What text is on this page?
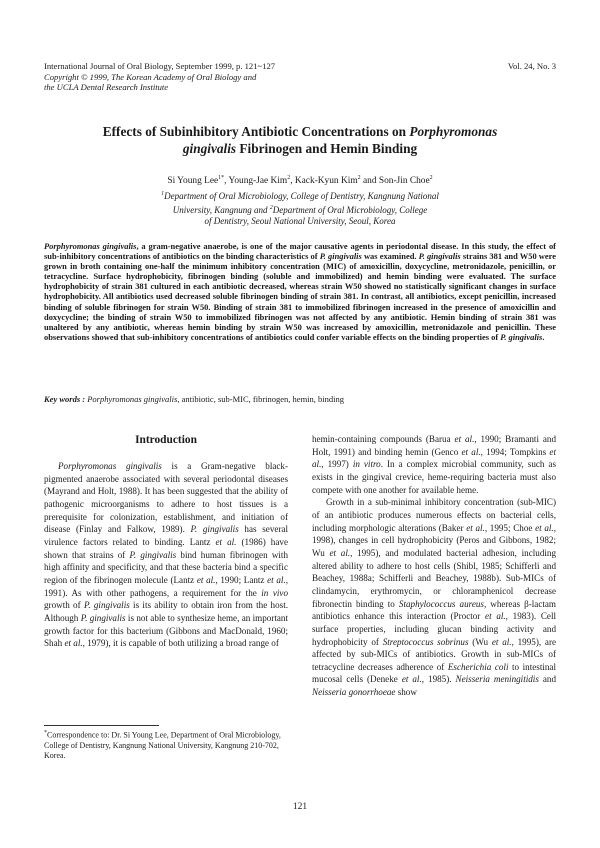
International Journal of Oral Biology, September 1999, p. 121~127
Copyright © 1999, The Korean Academy of Oral Biology and
the UCLA Dental Research Institute
Vol. 24, No. 3
Effects of Subinhibitory Antibiotic Concentrations on Porphyromonas
gingivalis Fibrinogen and Hemin Binding
Si Young Lee$^{1*}$, Young-Jae Kim$^2$, Kack-Kyun Kim$^2$ and Son-Jin Choe$^2$
$^1$Department of Oral Microbiology, College of Dentistry, Kangnung National
University, Kangnung and $^2$Department of Oral Microbiology, College
of Dentistry, Seoul National University, Seoul, Korea
Porphyromonas gingivalis, a gram-negative anaerobe, is one of the major causative agents in periodontal disease. In this study, the effect of sub-inhibitory concentrations of antibiotics on the binding characteristics of P. gingivalis was examined. P. gingivalis strains 381 and W50 were grown in broth containing one-half the minimum inhibitory concentration (MIC) of amoxicillin, doxycycline, metronidazole, penicillin, or tetracycline. Surface hydrophobicity, fibrinogen binding (soluble and immobilized) and hemin binding were evaluated. The surface hydrophobicity of strain 381 cultured in each antibiotic decreased, whereas strain W50 showed no statistically significant changes in surface hydrophobicity. All antibiotics used decreased soluble fibrinogen binding of strain 381. In contrast, all antibiotics, except penicillin, increased binding of soluble fibrinogen for strain W50. Binding of strain 381 to immobilized fibrinogen increased in the presence of amoxicillin and doxycycline; the binding of strain W50 to immobilized fibrinogen was not affected by any antibiotic. Hemin binding of strain 381 was unaltered by any antibiotic, whereas hemin binding by strain W50 was increased by amoxicillin, metronidazole and penicillin. These observations showed that sub-inhibitory concentrations of antibiotics could confer variable effects on the binding properties of P. gingivalis.
Key words : Porphyromonas gingivalis, antibiotic, sub-MIC, fibrinogen, hemin, binding
Introduction

Porphyromonas gingivalis is a Gram-negative black-pigmented anaerobe associated with several periodontal diseases (Mayrand and Holt, 1988). It has been suggested that the ability of pathogenic microorganisms to adhere to host tissues is a prerequisite for colonization, establishment, and initiation of disease (Finlay and Falkow, 1989). P. gingivalis has several virulence factors related to binding. Lantz et al. (1986) have shown that strains of P. gingivalis bind human fibrinogen with high affinity and specificity, and that these bacteria bind a specific region of the fibrinogen molecule (Lantz et al., 1990; Lantz et al., 1991). As with other pathogens, a requirement for the in vivo growth of P. gingivalis is its ability to obtain iron from the host. Although P. gingivalis is not able to synthesize heme, an important growth factor for this bacterium (Gibbons and MacDonald, 1960; Shah et al., 1979), it is capable of both utilizing a broad range of

hemin-containing compounds (Barua et al., 1990; Bramanti and Holt, 1991) and binding hemin (Genco et al., 1994; Tompkins et al., 1997) in vitro. In a complex microbial community, such as exists in the gingival crevice, heme-requiring bacteria must also compete with one another for available heme.

Growth in a sub-minimal inhibitory concentration (sub-MIC) of an antibiotic produces numerous effects on bacterial cells, including morphologic alterations (Baker et al., 1995; Choe et al., 1998), changes in cell hydrophobicity (Peros and Gibbons, 1982; Wu et al., 1995), and modulated bacterial adhesion, including altered ability to adhere to host cells (Shibl, 1985; Schifferli and Beachey, 1988a; Schifferli and Beachey, 1988b). Sub-MICs of clindamycin, erythromycin, or chloramphenicol decrease fibronectin binding to Staphylococcus aureus, whereas β-lactam antibiotics enhance this interaction (Proctor et al., 1983). Cell surface properties, including glucan binding activity and hydrophobicity of Streptococcus sobrinus (Wu et al., 1995), are affected by sub-MICs of antibiotics. Growth in sub-MICs of tetracycline decreases adherence of Escherichia coli to intestinal mucosal cells (Deneke et al., 1985). Neisseria meningitidis and Neisseria gonorrhoeae show

*Correspondence to: Dr. Si Young Lee, Department of Oral Microbiology, College of Dentistry, Kangnung National University, Kangnung 210-702, Korea.
121
